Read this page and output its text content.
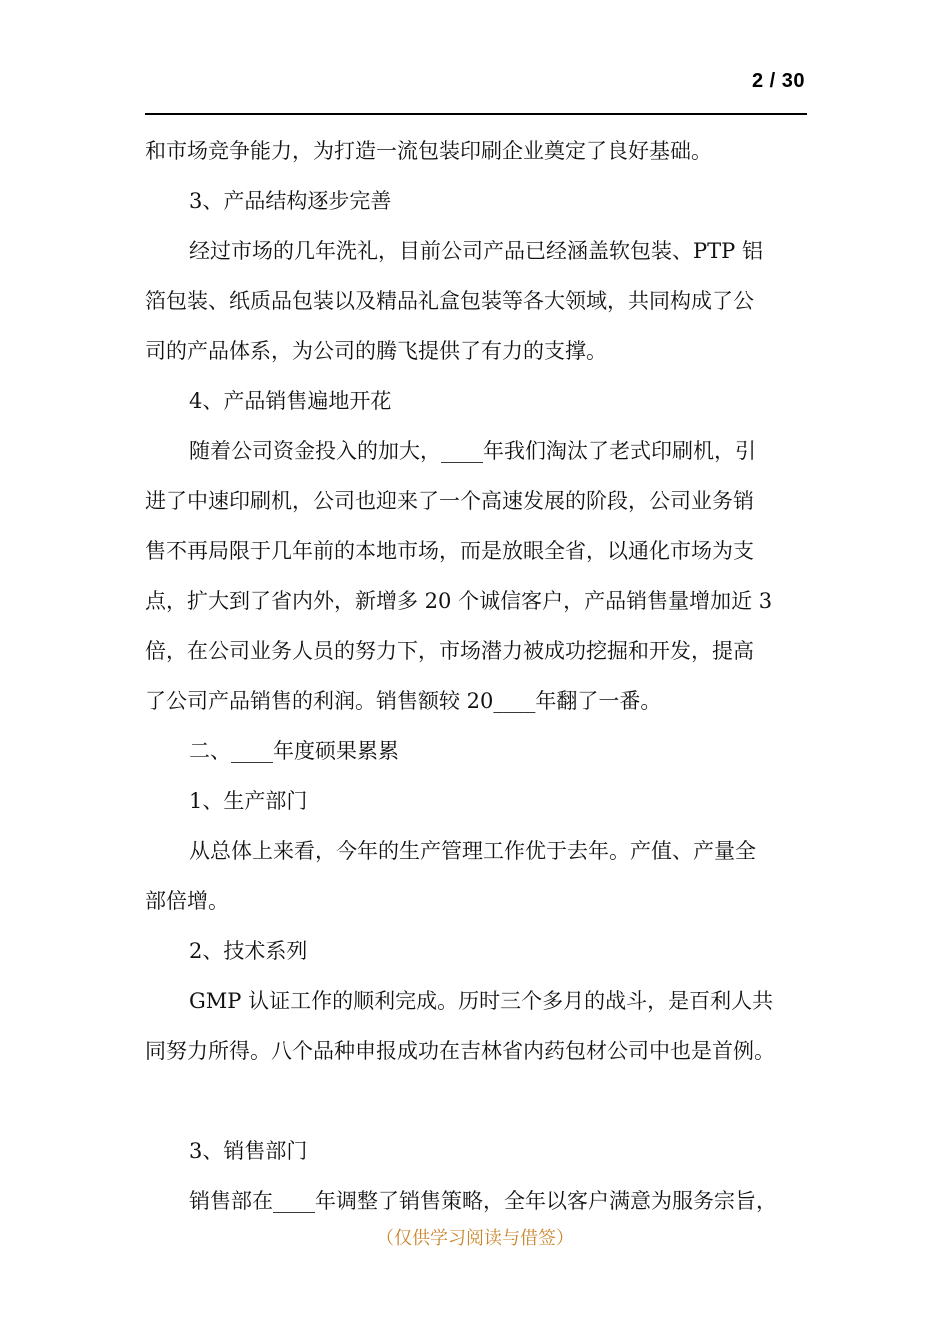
2 / 30
和市场竞争能力，为打造一流包装印刷企业奠定了良好基础。
3、产品结构逐步完善
经过市场的几年洗礼，目前公司产品已经涵盖软包装、PTP 铝
箔包装、纸质品包装以及精品礼盒包装等各大领域，共同构成了公
司的产品体系，为公司的腾飞提供了有力的支撑。
4、产品销售遍地开花
随着公司资金投入的加大，____年我们淘汰了老式印刷机，引
进了中速印刷机，公司也迎来了一个高速发展的阶段，公司业务销
售不再局限于几年前的本地市场，而是放眼全省，以通化市场为支
点，扩大到了省内外，新增多 20 个诚信客户，产品销售量增加近 3
倍，在公司业务人员的努力下，市场潜力被成功挖掘和开发，提高
了公司产品销售的利润。销售额较 20____年翻了一番。
二、____年度硕果累累
1、生产部门
从总体上来看，今年的生产管理工作优于去年。产值、产量全
部倍增。
2、技术系列
GMP 认证工作的顺利完成。历时三个多月的战斗，是百利人共
同努力所得。八个品种申报成功在吉林省内药包材公司中也是首例。
3、销售部门
销售部在____年调整了销售策略，全年以客户满意为服务宗旨，
（仅供学习阅读与借签）
